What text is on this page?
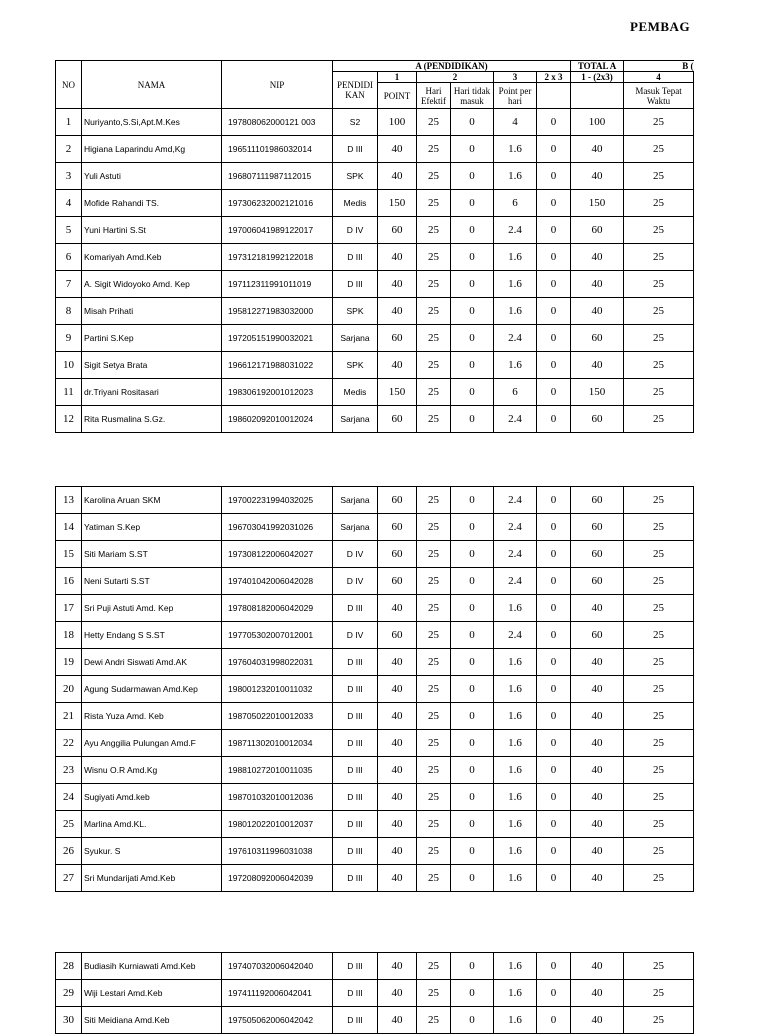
PEMBAG
NO	NAMA	NIP	A (PENDIDIKAN)						TOTAL A	B (
			PENDIDI KAN	1	2		3	2 x 3	1 - (2x3)	4
				POINT	Hari Efektif	Hari tidak masuk	Point per hari			Masuk Tepat Waktu
1	Nuriyanto,S.Si,Apt.M.Kes	197808062000121 003	S2	100	25	0	4	0	100	25
2	Higiana Laparindu Amd,Kg	196511101986032014	D III	40	25	0	1.6	0	40	25
3	Yuli Astuti	196807111987112015	SPK	40	25	0	1.6	0	40	25
4	Mofide Rahandi TS.	197306232002121016	Medis	150	25	0	6	0	150	25
5	Yuni Hartini S.St	197006041989122017	D IV	60	25	0	2.4	0	60	25
6	Komariyah Amd.Keb	197312181992122018	D III	40	25	0	1.6	0	40	25
7	A. Sigit Widoyoko Amd. Kep	197112311991011019	D III	40	25	0	1.6	0	40	25
8	Misah Prihati	195812271983032000	SPK	40	25	0	1.6	0	40	25
9	Partini S.Kep	197205151990032021	Sarjana	60	25	0	2.4	0	60	25
10	Sigit Setya Brata	196612171988031022	SPK	40	25	0	1.6	0	40	25
11	dr.Triyani Rositasari	198306192001012023	Medis	150	25	0	6	0	150	25
12	Rita Rusmalina S.Gz.	198602092010012024	Sarjana	60	25	0	2.4	0	60	25
13	Karolina Aruan SKM	197002231994032025	Sarjana	60	25	0	2.4	0	60	25
14	Yatiman S.Kep	196703041992031026	Sarjana	60	25	0	2.4	0	60	25
15	Siti Mariam S.ST	197308122006042027	D IV	60	25	0	2.4	0	60	25
16	Neni Sutarti S.ST	197401042006042028	D IV	60	25	0	2.4	0	60	25
17	Sri Puji Astuti Amd. Kep	197808182006042029	D III	40	25	0	1.6	0	40	25
18	Hetty Endang S S.ST	197705302007012001	D IV	60	25	0	2.4	0	60	25
19	Dewi Andri Siswati Amd.AK	197604031998022031	D III	40	25	0	1.6	0	40	25
20	Agung Sudarmawan Amd.Kep	198001232010011032	D III	40	25	0	1.6	0	40	25
21	Rista Yuza Amd. Keb	198705022010012033	D III	40	25	0	1.6	0	40	25
22	Ayu Anggilia Pulungan Amd.F	198711302010012034	D III	40	25	0	1.6	0	40	25
23	Wisnu O.R Amd.Kg	198810272010011035	D III	40	25	0	1.6	0	40	25
24	Sugiyati Amd.keb	198701032010012036	D III	40	25	0	1.6	0	40	25
25	Marlina Amd.KL.	198012022010012037	D III	40	25	0	1.6	0	40	25
26	Syukur. S	197610311996031038	D III	40	25	0	1.6	0	40	25
27	Sri Mundarijati Amd.Keb	197208092006042039	D III	40	25	0	1.6	0	40	25
28	Budiasih Kurniawati Amd.Keb	197407032006042040	D III	40	25	0	1.6	0	40	25
29	Wiji Lestari Amd.Keb	197411192006042041	D III	40	25	0	1.6	0	40	25
30	Siti Meidiana Amd.Keb	197505062006042042	D III	40	25	0	1.6	0	40	25
